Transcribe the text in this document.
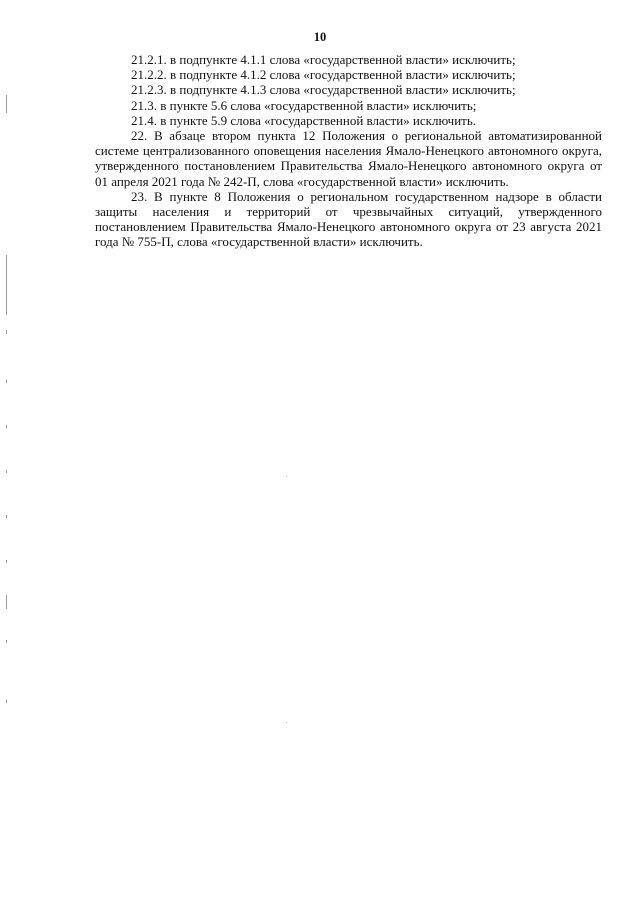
10

21.2.1. в подпункте 4.1.1 слова «государственной власти» исключить;

21.2.2. в подпункте 4.1.2 слова «государственной власти» исключить;

21.2.3. в подпункте 4.1.3 слова «государственной власти» исключить;

21.3. в пункте 5.6 слова «государственной власти» исключить;

21.4. в пункте 5.9 слова «государственной власти» исключить.

22. В абзаце втором пункта 12 Положения о региональной автоматизированной системе централизованного оповещения населения Ямало-Ненецкого автономного округа, утвержденного постановлением Правительства Ямало-Ненецкого автономного округа от 01 апреля 2021 года № 242-П, слова «государственной власти» исключить.

23. В пункте 8 Положения о региональном государственном надзоре в области защиты населения и территорий от чрезвычайных ситуаций, утвержденного постановлением Правительства Ямало-Ненецкого автономного округа от 23 августа 2021 года № 755-П, слова «государственной власти» исключить.
